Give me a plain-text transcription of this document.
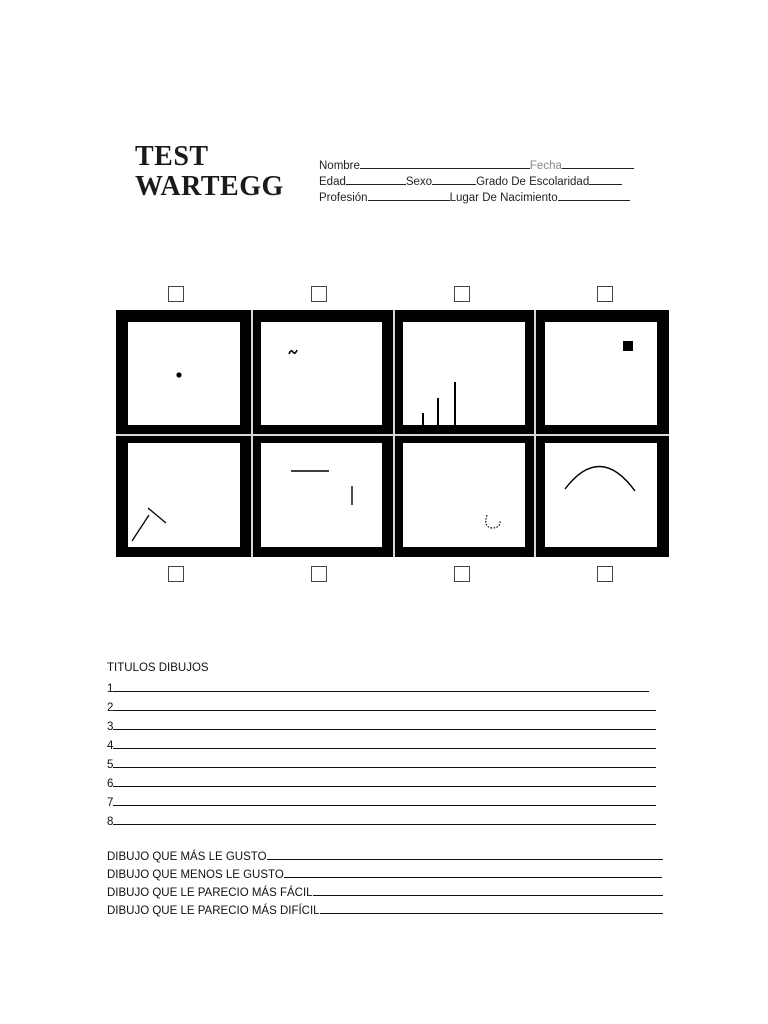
TEST
WARTEGG
Nombre	Fecha
Edad	Sexo	Grado De Escolaridad
Profesión	Lugar De Nacimiento
TITULOS DIBUJOS
1
2
3
4
5
6
7
8
DIBUJO QUE MÁS LE GUSTO
DIBUJO QUE MENOS LE GUSTO
DIBUJO QUE LE PARECIO MÁS FÁCIL
DIBUJO QUE LE PARECIO MÁS DIFÍCIL
